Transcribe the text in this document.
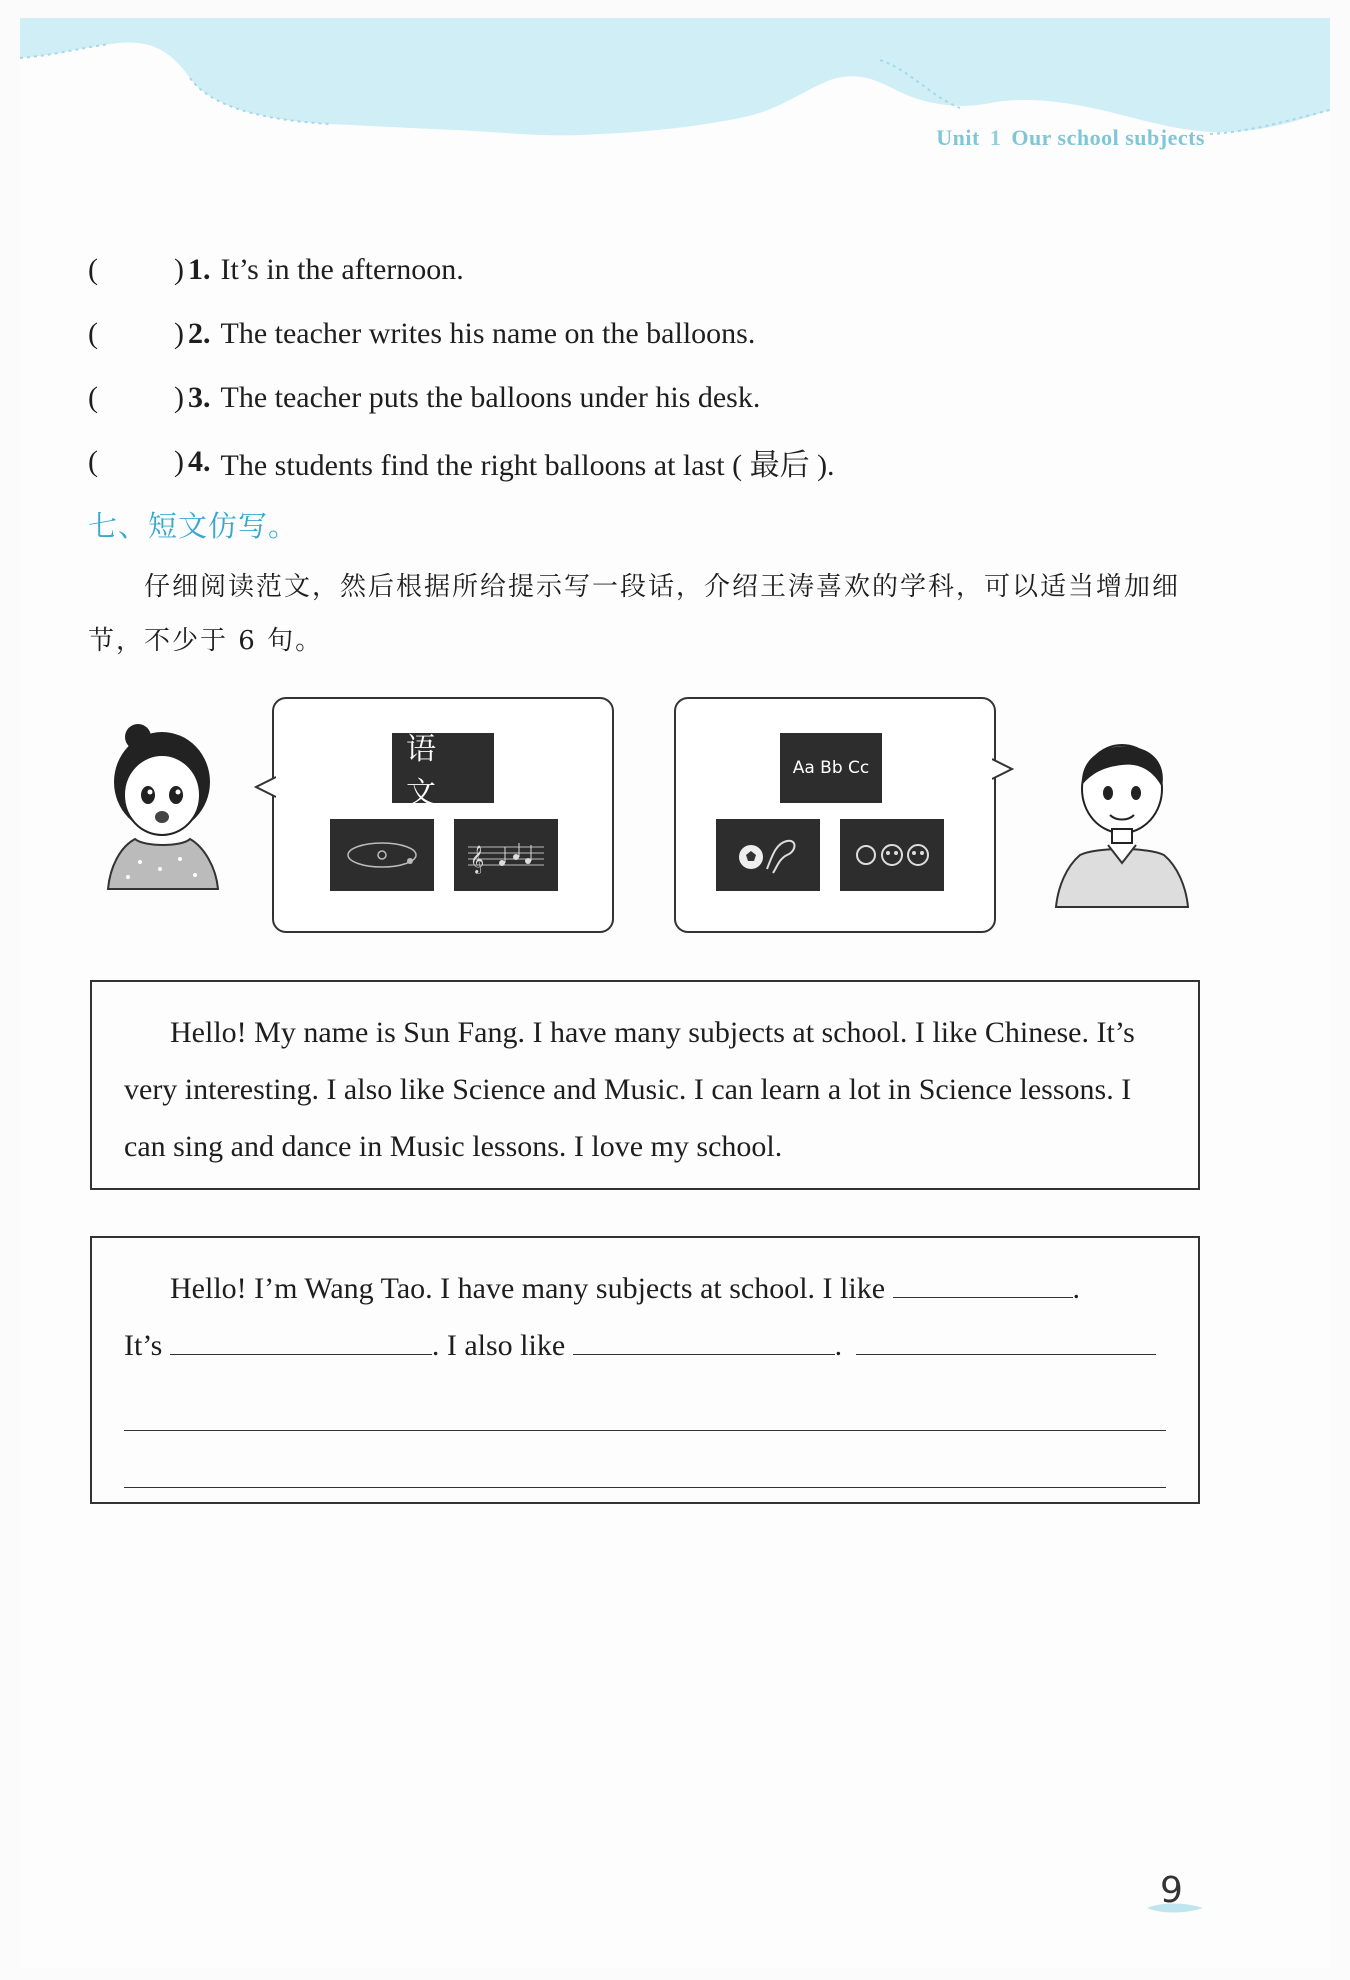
Unit 1 Our school subjects
(	) 1. It’s in the afternoon.
(	) 2. The teacher writes his name on the balloons.
(	) 3. The teacher puts the balloons under his desk.
(	) 4. The students find the right balloons at last ( 最后 ).
七、短文仿写。
仔细阅读范文，然后根据所给提示写一段话，介绍王涛喜欢的学科，可以适当增加细节，不少于 6 句。
语 文
𝄞
Aa Bb Cc

Hello! My name is Sun Fang. I have many subjects at school. I like Chinese. It’s very interesting. I also like Science and Music. I can learn a lot in Science lessons. I can sing and dance in Music lessons. I love my school.

Hello! I’m Wang Tao. I have many subjects at school. I like	.
It’s	. I also like	.
9
